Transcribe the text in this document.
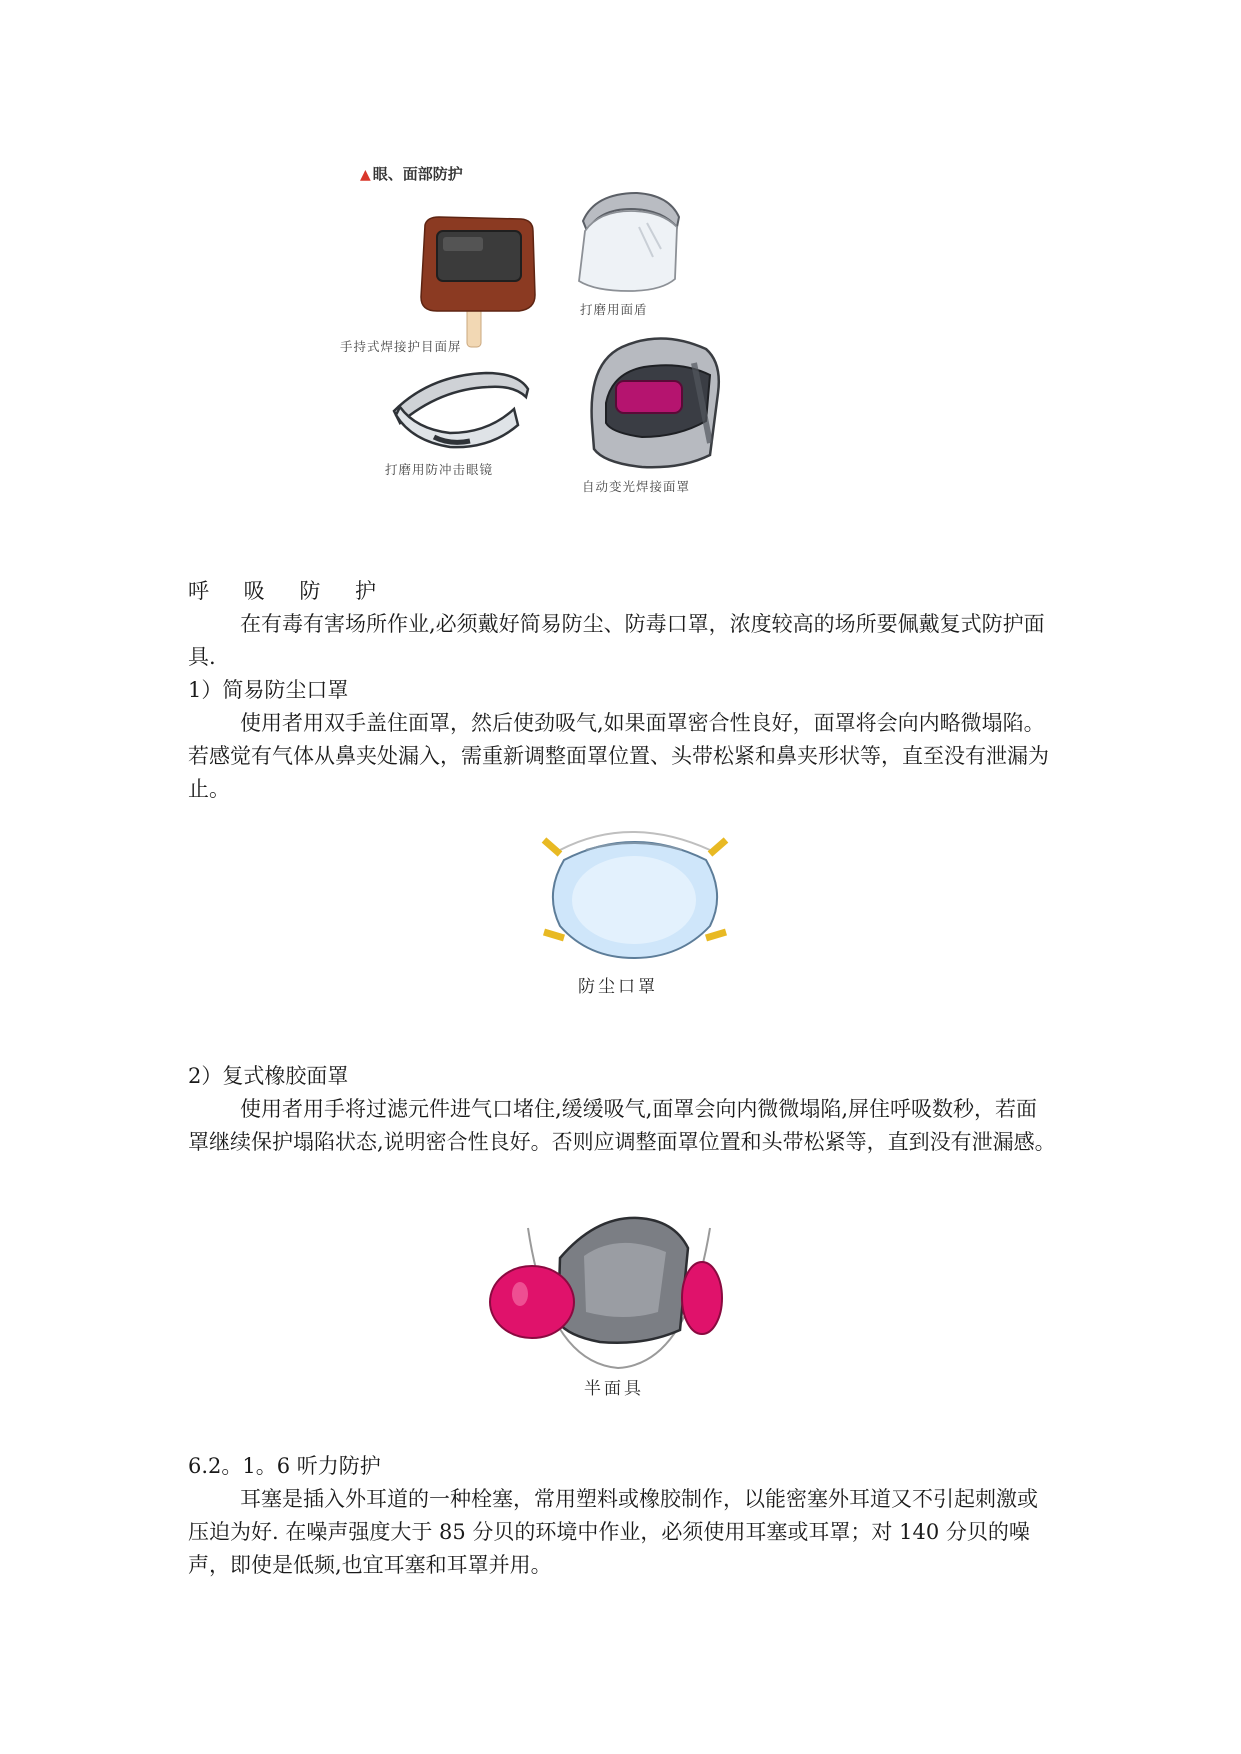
▲ 眼、面部防护
手持式焊接护目面屏
打磨用面盾
打磨用防冲击眼镜
自动变光焊接面罩

呼 吸 防 护

在有毒有害场所作业,必须戴好简易防尘、防毒口罩，浓度较高的场所要佩戴复式防护面具.

1）简易防尘口罩

使用者用双手盖住面罩，然后使劲吸气,如果面罩密合性良好，面罩将会向内略微塌陷。若感觉有气体从鼻夹处漏入，需重新调整面罩位置、头带松紧和鼻夹形状等，直至没有泄漏为止。

防尘口罩

2）复式橡胶面罩

使用者用手将过滤元件进气口堵住,缓缓吸气,面罩会向内微微塌陷,屏住呼吸数秒，若面罩继续保护塌陷状态,说明密合性良好。否则应调整面罩位置和头带松紧等，直到没有泄漏感。

半面具

6.2。1。6 听力防护

耳塞是插入外耳道的一种栓塞，常用塑料或橡胶制作，以能密塞外耳道又不引起刺激或压迫为好. 在噪声强度大于 85 分贝的环境中作业，必须使用耳塞或耳罩；对 140 分贝的噪声，即使是低频,也宜耳塞和耳罩并用。
